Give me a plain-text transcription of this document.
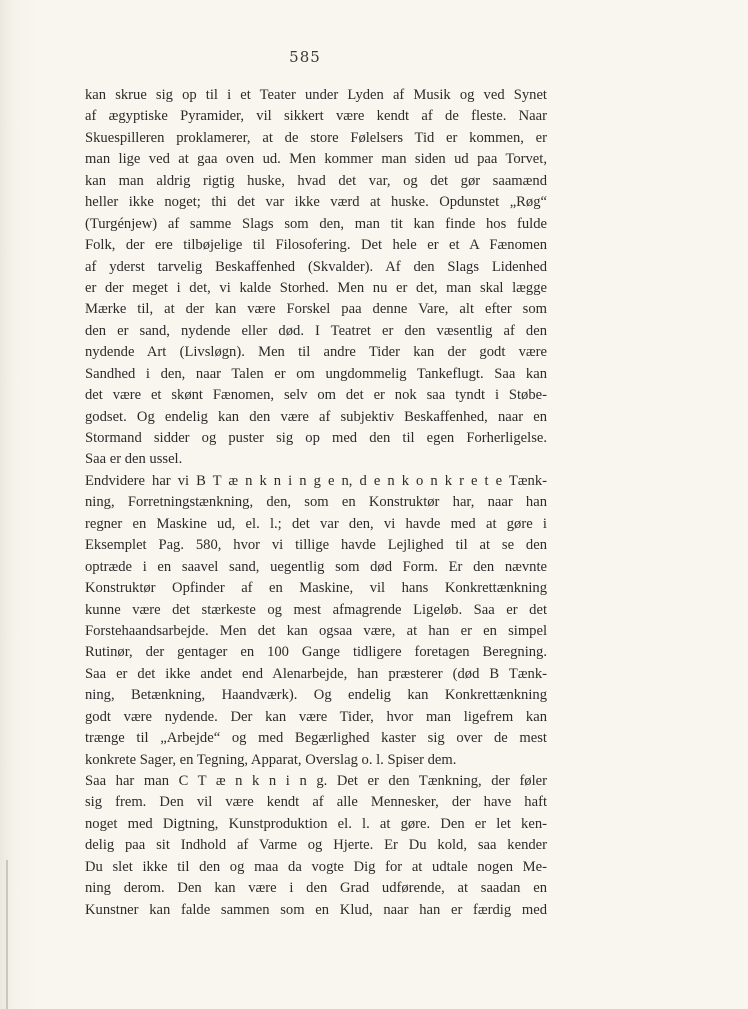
585
kan skrue sig op til i et Teater under Lyden af Musik og ved Synet
af ægyptiske Pyramider, vil sikkert være kendt af de fleste. Naar
Skuespilleren proklamerer, at de store Følelsers Tid er kommen, er
man lige ved at gaa oven ud. Men kommer man siden ud paa Torvet,
kan man aldrig rigtig huske, hvad det var, og det gør saamænd
heller ikke noget; thi det var ikke værd at huske. Opdunstet „Røg“
(Turgénjew) af samme Slags som den, man tit kan finde hos fulde
Folk, der ere tilbøjelige til Filosofering. Det hele er et A Fænomen
af yderst tarvelig Beskaffenhed (Skvalder). Af den Slags Lidenhed
er der meget i det, vi kalde Storhed. Men nu er det, man skal lægge
Mærke til, at der kan være Forskel paa denne Vare, alt efter som
den er sand, nydende eller død. I Teatret er den væsentlig af den
nydende Art (Livsløgn). Men til andre Tider kan der godt være
Sandhed i den, naar Talen er om ungdommelig Tankeflugt. Saa kan
det være et skønt Fænomen, selv om det er nok saa tyndt i Støbe-
godset. Og endelig kan den være af subjektiv Beskaffenhed, naar en
Stormand sidder og puster sig op med den til egen Forherligelse.
Saa er den ussel.
Endvidere har vi B T æ n k n i n g e n, d e n k o n k r e t e Tænk-
ning, Forretningstænkning, den, som en Konstruktør har, naar han
regner en Maskine ud, el. l.; det var den, vi havde med at gøre i
Eksemplet Pag. 580, hvor vi tillige havde Lejlighed til at se den
optræde i en saavel sand, uegentlig som død Form. Er den nævnte
Konstruktør Opfinder af en Maskine, vil hans Konkrettænkning
kunne være det stærkeste og mest afmagrende Ligeløb. Saa er det
Forstehaandsarbejde. Men det kan ogsaa være, at han er en simpel
Rutinør, der gentager en 100 Gange tidligere foretagen Beregning.
Saa er det ikke andet end Alenarbejde, han præsterer (død B Tænk-
ning, Betænkning, Haandværk). Og endelig kan Konkrettænkning
godt være nydende. Der kan være Tider, hvor man ligefrem kan
trænge til „Arbejde“ og med Begærlighed kaster sig over de mest
konkrete Sager, en Tegning, Apparat, Overslag o. l. Spiser dem.
Saa har man C T æ n k n i n g. Det er den Tænkning, der føler
sig frem. Den vil være kendt af alle Mennesker, der have haft
noget med Digtning, Kunstproduktion el. l. at gøre. Den er let ken-
delig paa sit Indhold af Varme og Hjerte. Er Du kold, saa kender
Du slet ikke til den og maa da vogte Dig for at udtale nogen Me-
ning derom. Den kan være i den Grad udførende, at saadan en
Kunstner kan falde sammen som en Klud, naar han er færdig med
